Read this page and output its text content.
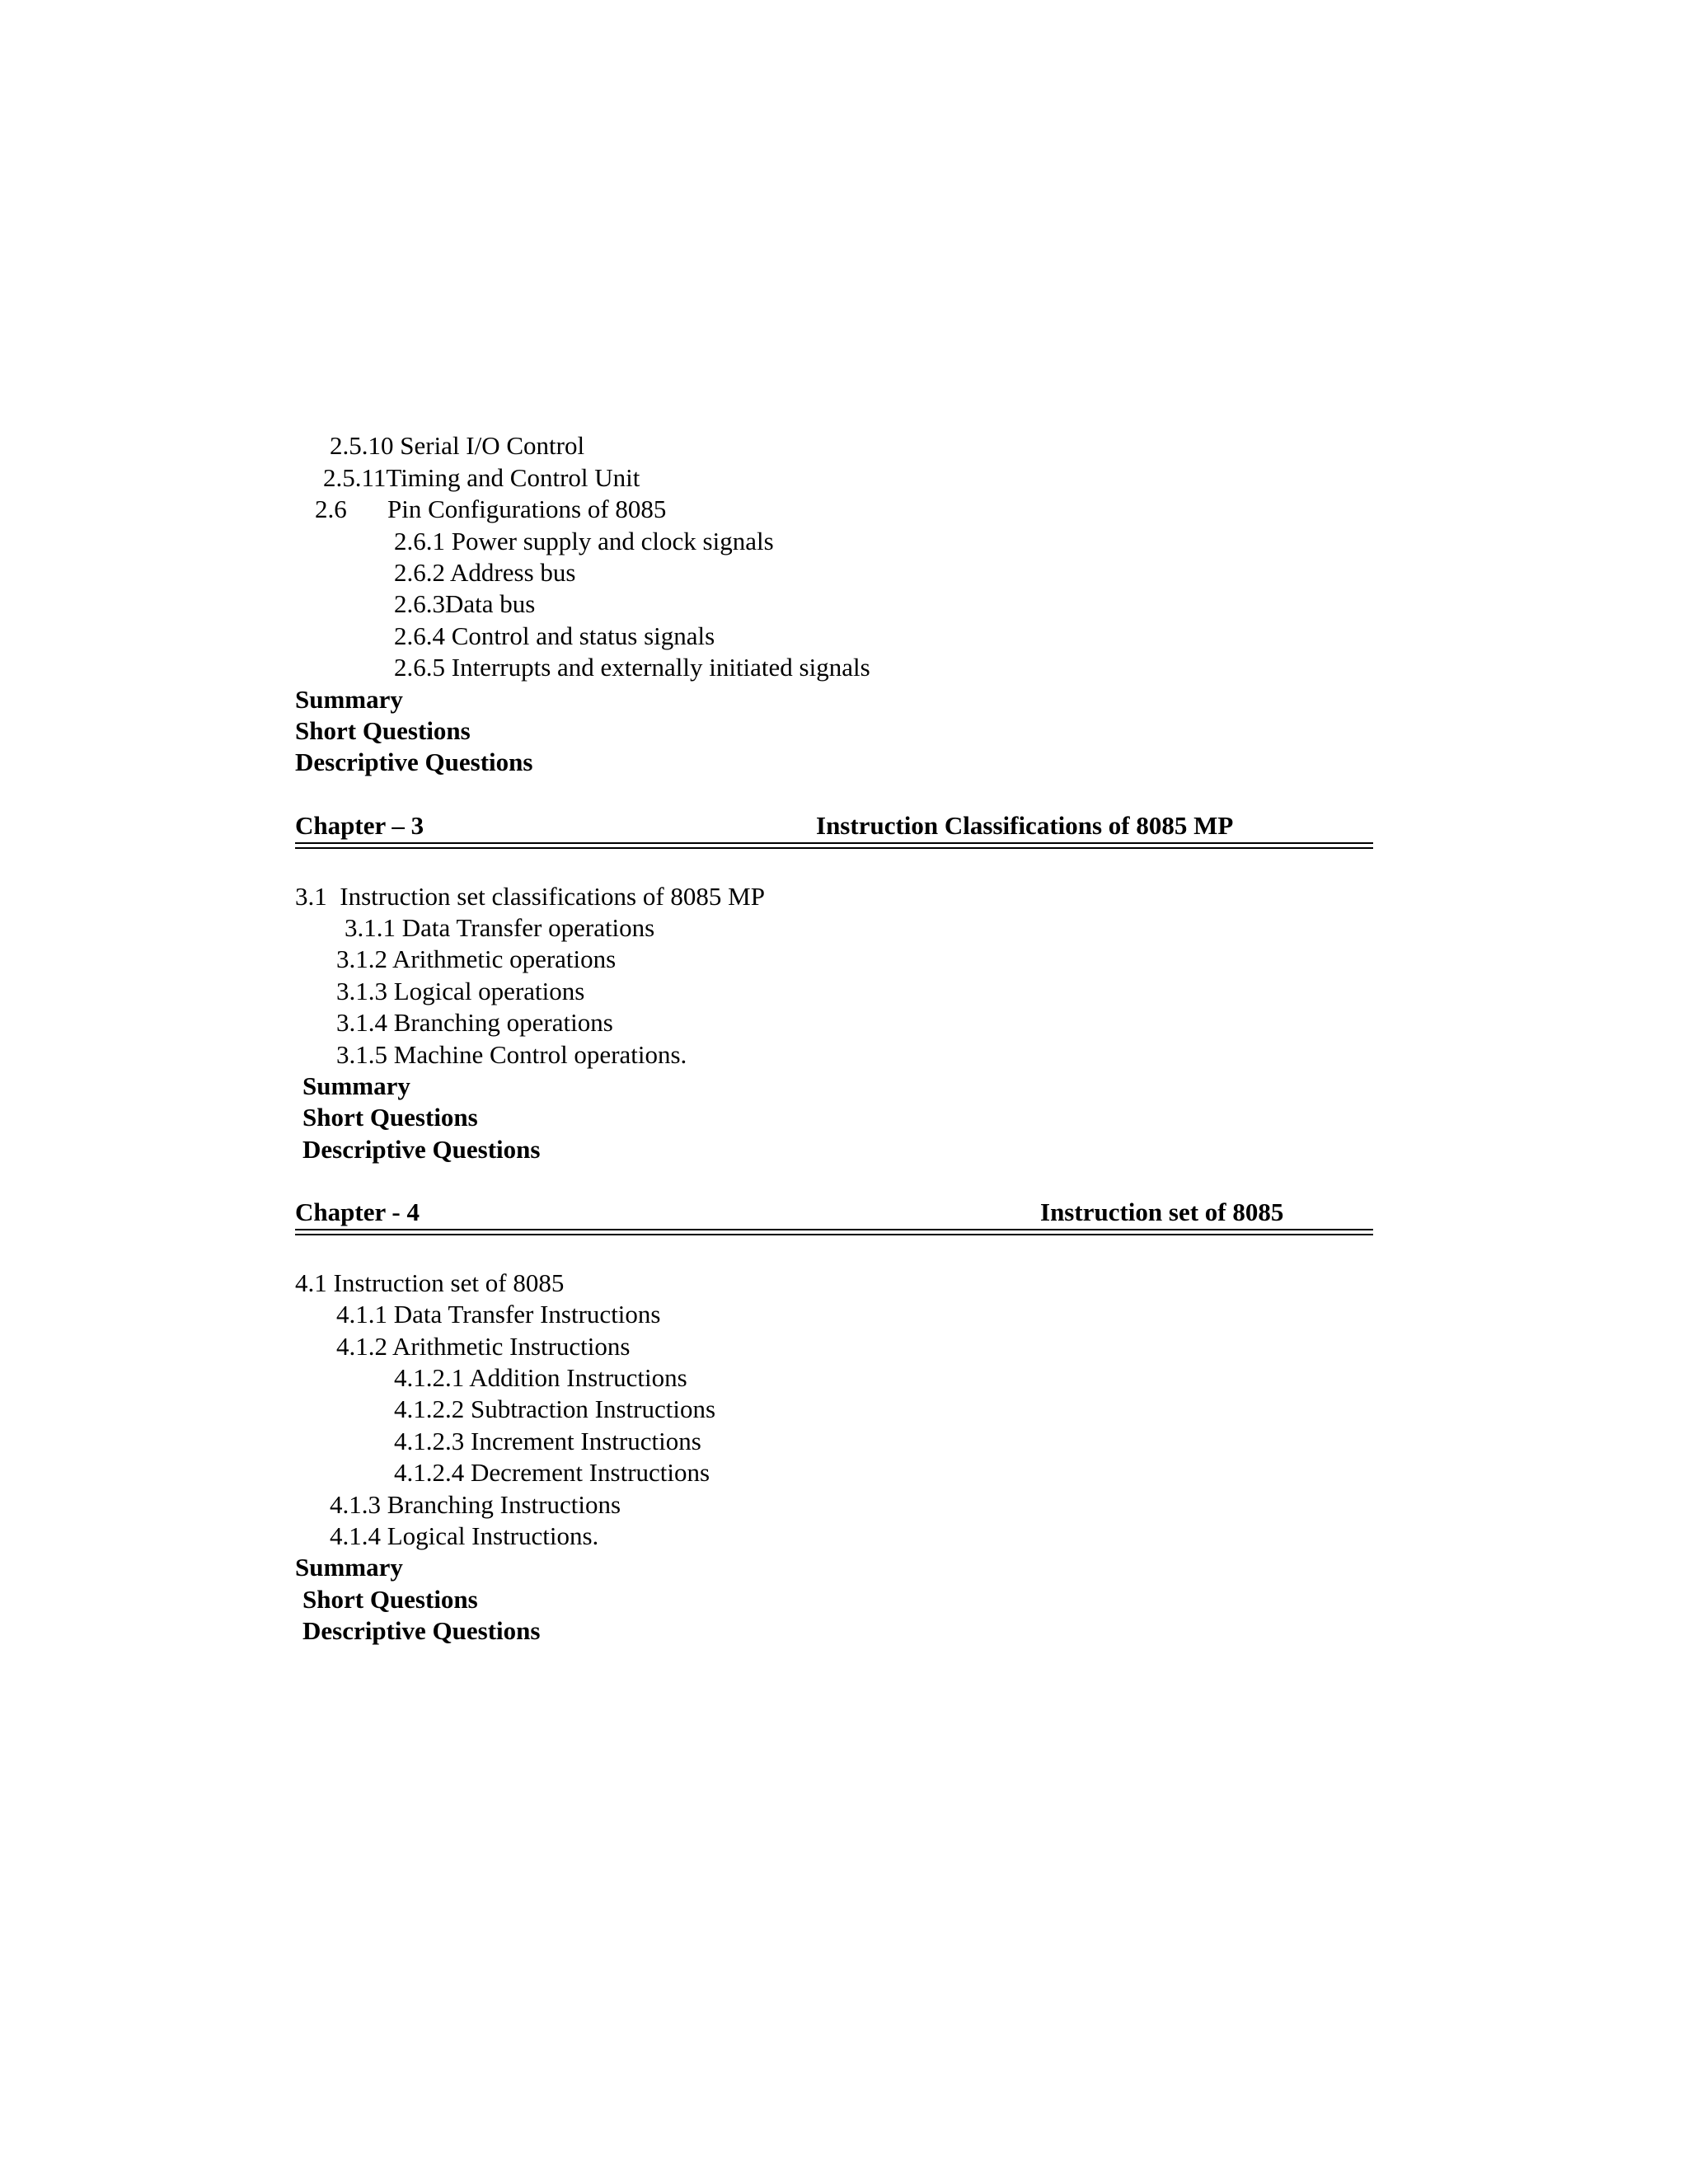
2.5.10 Serial I/O Control
2.5.11Timing and Control Unit
2.6 Pin Configurations of 8085
2.6.1 Power supply and clock signals
2.6.2 Address bus
2.6.3Data bus
2.6.4 Control and status signals
2.6.5 Interrupts and externally initiated signals
Summary
Short Questions
Descriptive Questions
Chapter – 3	Instruction Classifications of 8085 MP
3.1  Instruction set classifications of 8085 MP
3.1.1 Data Transfer operations
3.1.2 Arithmetic operations
3.1.3 Logical operations
3.1.4 Branching operations
3.1.5 Machine Control operations.
Summary
Short Questions
Descriptive Questions
Chapter - 4	Instruction set of 8085
4.1 Instruction set of 8085
4.1.1 Data Transfer Instructions
4.1.2 Arithmetic Instructions
4.1.2.1 Addition Instructions
4.1.2.2 Subtraction Instructions
4.1.2.3 Increment Instructions
4.1.2.4 Decrement Instructions
4.1.3 Branching Instructions
4.1.4 Logical Instructions.
Summary
Short Questions
Descriptive Questions
